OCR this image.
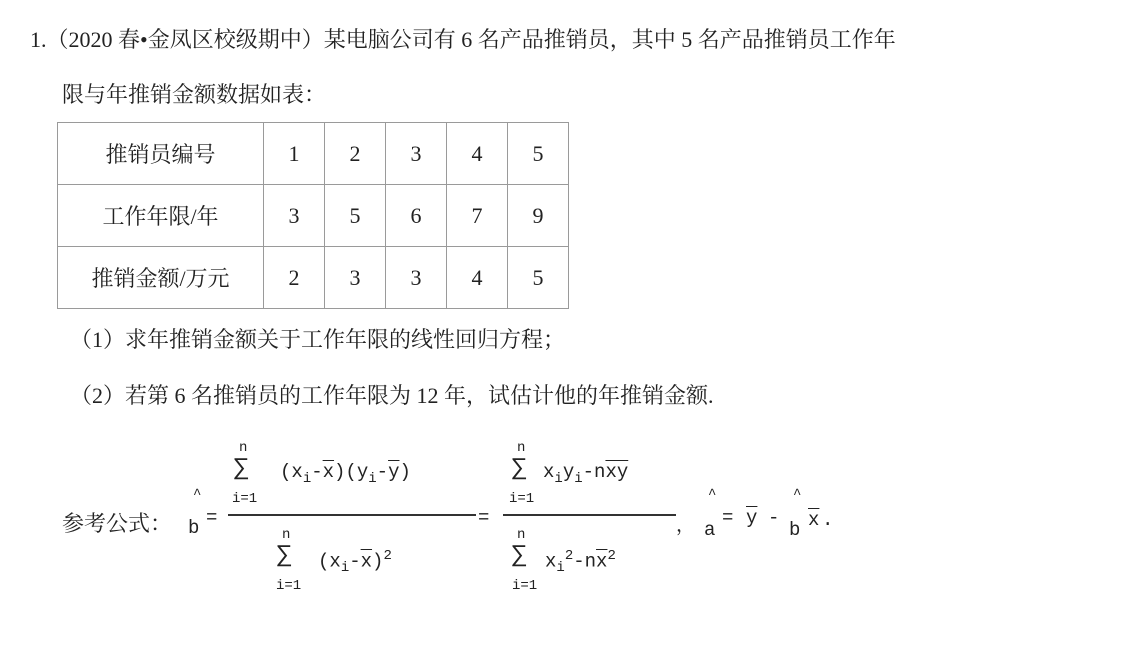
1.（2020 春•金凤区校级期中）某电脑公司有 6 名产品推销员，其中 5 名产品推销员工作年
限与年推销金额数据如表：
推销员编号	1	2	3	4	5
工作年限/年	3	5	6	7	9
推销金额/万元	2	3	3	4	5
（1）求年推销金额关于工作年限的线性回归方程；
（2）若第 6 名推销员的工作年限为 12 年，试估计他的年推销金额.
参考公式：
^
b =
n
∑
i=1
$(x_i-\overline{x})(y_i-\overline{y})$
n
∑
i=1
$(x_i-\overline{x})^2$
=
n
∑
i=1
$x_iy_i-n\overline{xy}$
n
∑
i=1
$x_i^2-n\overline{x}^2$
，
^
a
= $\overline{y}$ -
^
b $\overline{x}$ .
